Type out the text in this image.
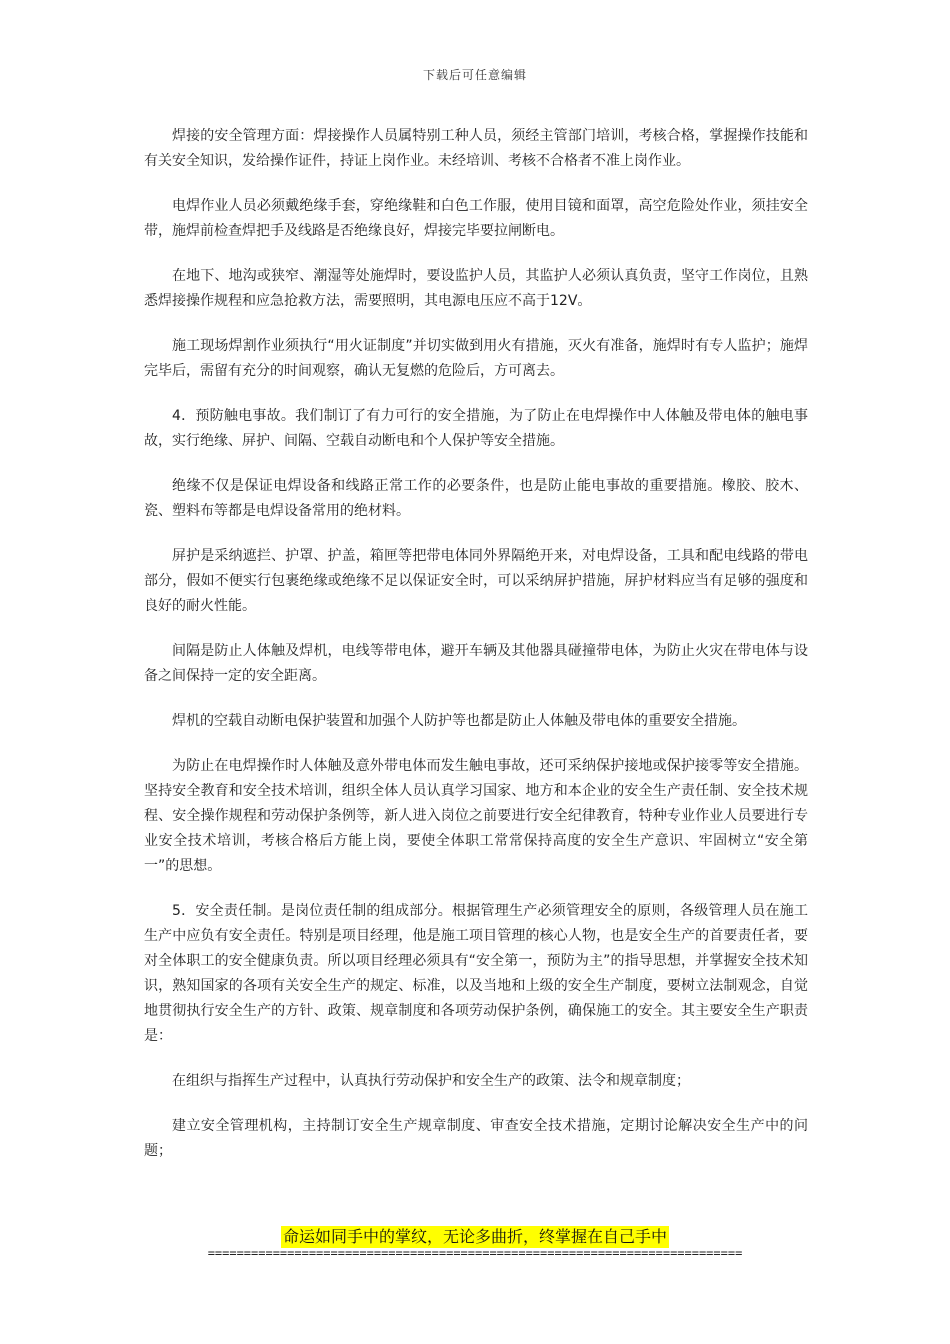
下载后可任意编辑

焊接的安全管理方面：焊接操作人员属特别工种人员，须经主管部门培训，考核合格，掌握操作技能和有关安全知识，发给操作证件，持证上岗作业。未经培训、考核不合格者不准上岗作业。

电焊作业人员必须戴绝缘手套，穿绝缘鞋和白色工作服，使用目镜和面罩，高空危险处作业，须挂安全带，施焊前检查焊把手及线路是否绝缘良好，焊接完毕要拉闸断电。

在地下、地沟或狭窄、潮湿等处施焊时，要设监护人员，其监护人必须认真负责，坚守工作岗位，且熟悉焊接操作规程和应急抢救方法，需要照明，其电源电压应不高于12V。

施工现场焊割作业须执行“用火证制度”并切实做到用火有措施，灭火有准备，施焊时有专人监护；施焊完毕后，需留有充分的时间观察，确认无复燃的危险后，方可离去。

4．预防触电事故。我们制订了有力可行的安全措施，为了防止在电焊操作中人体触及带电体的触电事故，实行绝缘、屏护、间隔、空载自动断电和个人保护等安全措施。

绝缘不仅是保证电焊设备和线路正常工作的必要条件，也是防止能电事故的重要措施。橡胶、胶木、瓷、塑料布等都是电焊设备常用的绝材料。

屏护是采纳遮拦、护罩、护盖，箱匣等把带电体同外界隔绝开来，对电焊设备，工具和配电线路的带电部分，假如不便实行包裹绝缘或绝缘不足以保证安全时，可以采纳屏护措施，屏护材料应当有足够的强度和良好的耐火性能。

间隔是防止人体触及焊机，电线等带电体，避开车辆及其他器具碰撞带电体，为防止火灾在带电体与设备之间保持一定的安全距离。

焊机的空载自动断电保护装置和加强个人防护等也都是防止人体触及带电体的重要安全措施。

为防止在电焊操作时人体触及意外带电体而发生触电事故，还可采纳保护接地或保护接零等安全措施。坚持安全教育和安全技术培训，组织全体人员认真学习国家、地方和本企业的安全生产责任制、安全技术规程、安全操作规程和劳动保护条例等，新人进入岗位之前要进行安全纪律教育，特种专业作业人员要进行专业安全技术培训，考核合格后方能上岗，要使全体职工常常保持高度的安全生产意识、牢固树立“安全第一”的思想。

5．安全责任制。是岗位责任制的组成部分。根据管理生产必须管理安全的原则，各级管理人员在施工生产中应负有安全责任。特别是项目经理，他是施工项目管理的核心人物，也是安全生产的首要责任者，要对全体职工的安全健康负责。所以项目经理必须具有“安全第一，预防为主”的指导思想，并掌握安全技术知识，熟知国家的各项有关安全生产的规定、标准，以及当地和上级的安全生产制度，要树立法制观念，自觉地贯彻执行安全生产的方针、政策、规章制度和各项劳动保护条例，确保施工的安全。其主要安全生产职责是：

在组织与指挥生产过程中，认真执行劳动保护和安全生产的政策、法令和规章制度；

建立安全管理机构，主持制订安全生产规章制度、审查安全技术措施，定期讨论解决安全生产中的问题；

命运如同手中的掌纹，无论多曲折，终掌握在自己手中
==========================================================================
